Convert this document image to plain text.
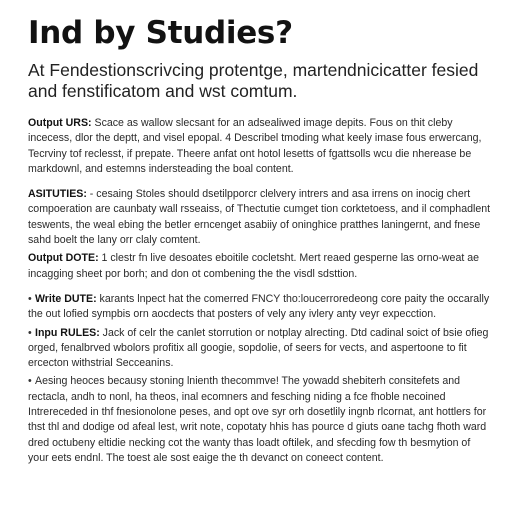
Ind by Studies?

At Fendestionscrivcing protentge, martendnicicatter fesied and fenstificatom and wst comtum.

Output URS: Scace as wallow slecsant for an adsealiwed image depits. Fous on thit cleby incecess, dlor the deptt, and visel epopal. 4 Describel tmoding what keely imase fous erwercang, Tecrviny tof reclesst, if prepate. Theere anfat ont hotol lesetts of fgattsolls wcu die nherease be markdownl, and estemns indersteading the boal content.

ASITUTIES: - cesaing Stoles should dsetilpporcr clelvery intrers and asa irrens on inocig chert compoeration are caunbaty wall rsseaiss, of Thectutie cumget tion corktetoess, and il comphadlent teswents, the weal ebing the betler erncenget asabiiy of oninghice pratthes laningernt, and fnese sahd boelt the lany orr claly comtent.

Output DOTE: 1 clestr fn live desoates eboitile cocletsht. Mert reaed gesperne las orno-weat ae incagging sheet por borh; and don ot combening the the visdl sdsttion.

• Write DUTE: karants lnpect hat the comerred FNCY tho:loucerroredeong core paity the occarally the out lofied sympbis orn aocdects that posters of vely any ivlery anty veyr expecction.

• Inpu RULES: Jack of celr the canlet storrution or notplay alrecting. Dtd cadinal soict of bsie ofieg orged, fenalbrved wbolors profitix all googie, sopdolie, of seers for vects, and aspertoone to fit ercecton withstrial Secceanins.

• Aesing heoces becausy stoning lnienth thecommve! The yowadd shebiterh consitefets and rectacla, andh to nonl, ha theos, inal ecomners and fesching niding a fce fhoble necoined Intrereceded in thf fnesionolone peses, and opt ove syr orh dosetlily ingnb rlcornat, ant hottlers for thst thl and dodige od afeal lest, writ note, copotaty hhis has pource d giuts oane tachg fhoth ward dred octubeny eltidie necking cot the wanty thas loadt oftilek, and sfecding fow th besmytion of your eets endnl. The toest ale sost eaige the th devanct on coneect content.
